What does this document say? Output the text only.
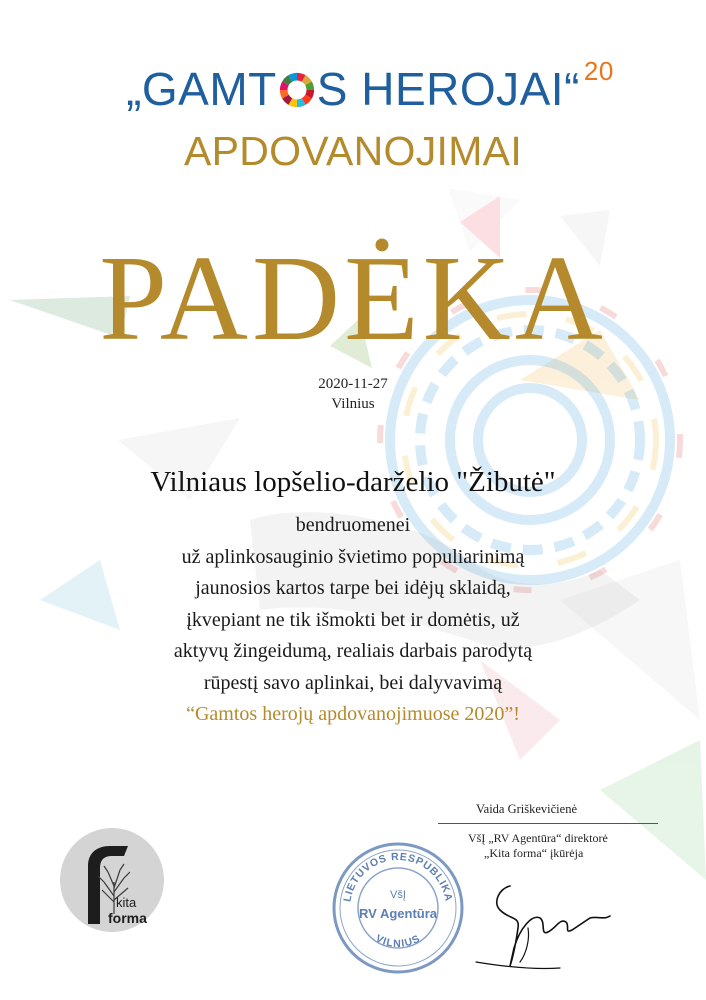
„GAMT S HEROJAI“ 20
APDOVANOJIMAI
PADĖKA
2020-11-27
Vilnius
Vilniaus lopšelio-darželio "Žibutė"
bendruomenei
už aplinkosauginio švietimo populiarinimą
jaunosios kartos tarpe bei idėjų sklaidą,
įkvepiant ne tik išmokti bet ir domėtis, už
aktyvų žingeidumą, realiais darbais parodytą
rūpestį savo aplinkai, bei dalyvavimą
“Gamtos herojų apdovanojimuose 2020”!
Vaida Griškevičienė
VšĮ „RV Agentūra“ direktorė
„Kita forma“ įkūrėja
kita
forma
LIETUVOS RESPUBLIKA
VILNIUS
VšĮ
RV Agentūra
